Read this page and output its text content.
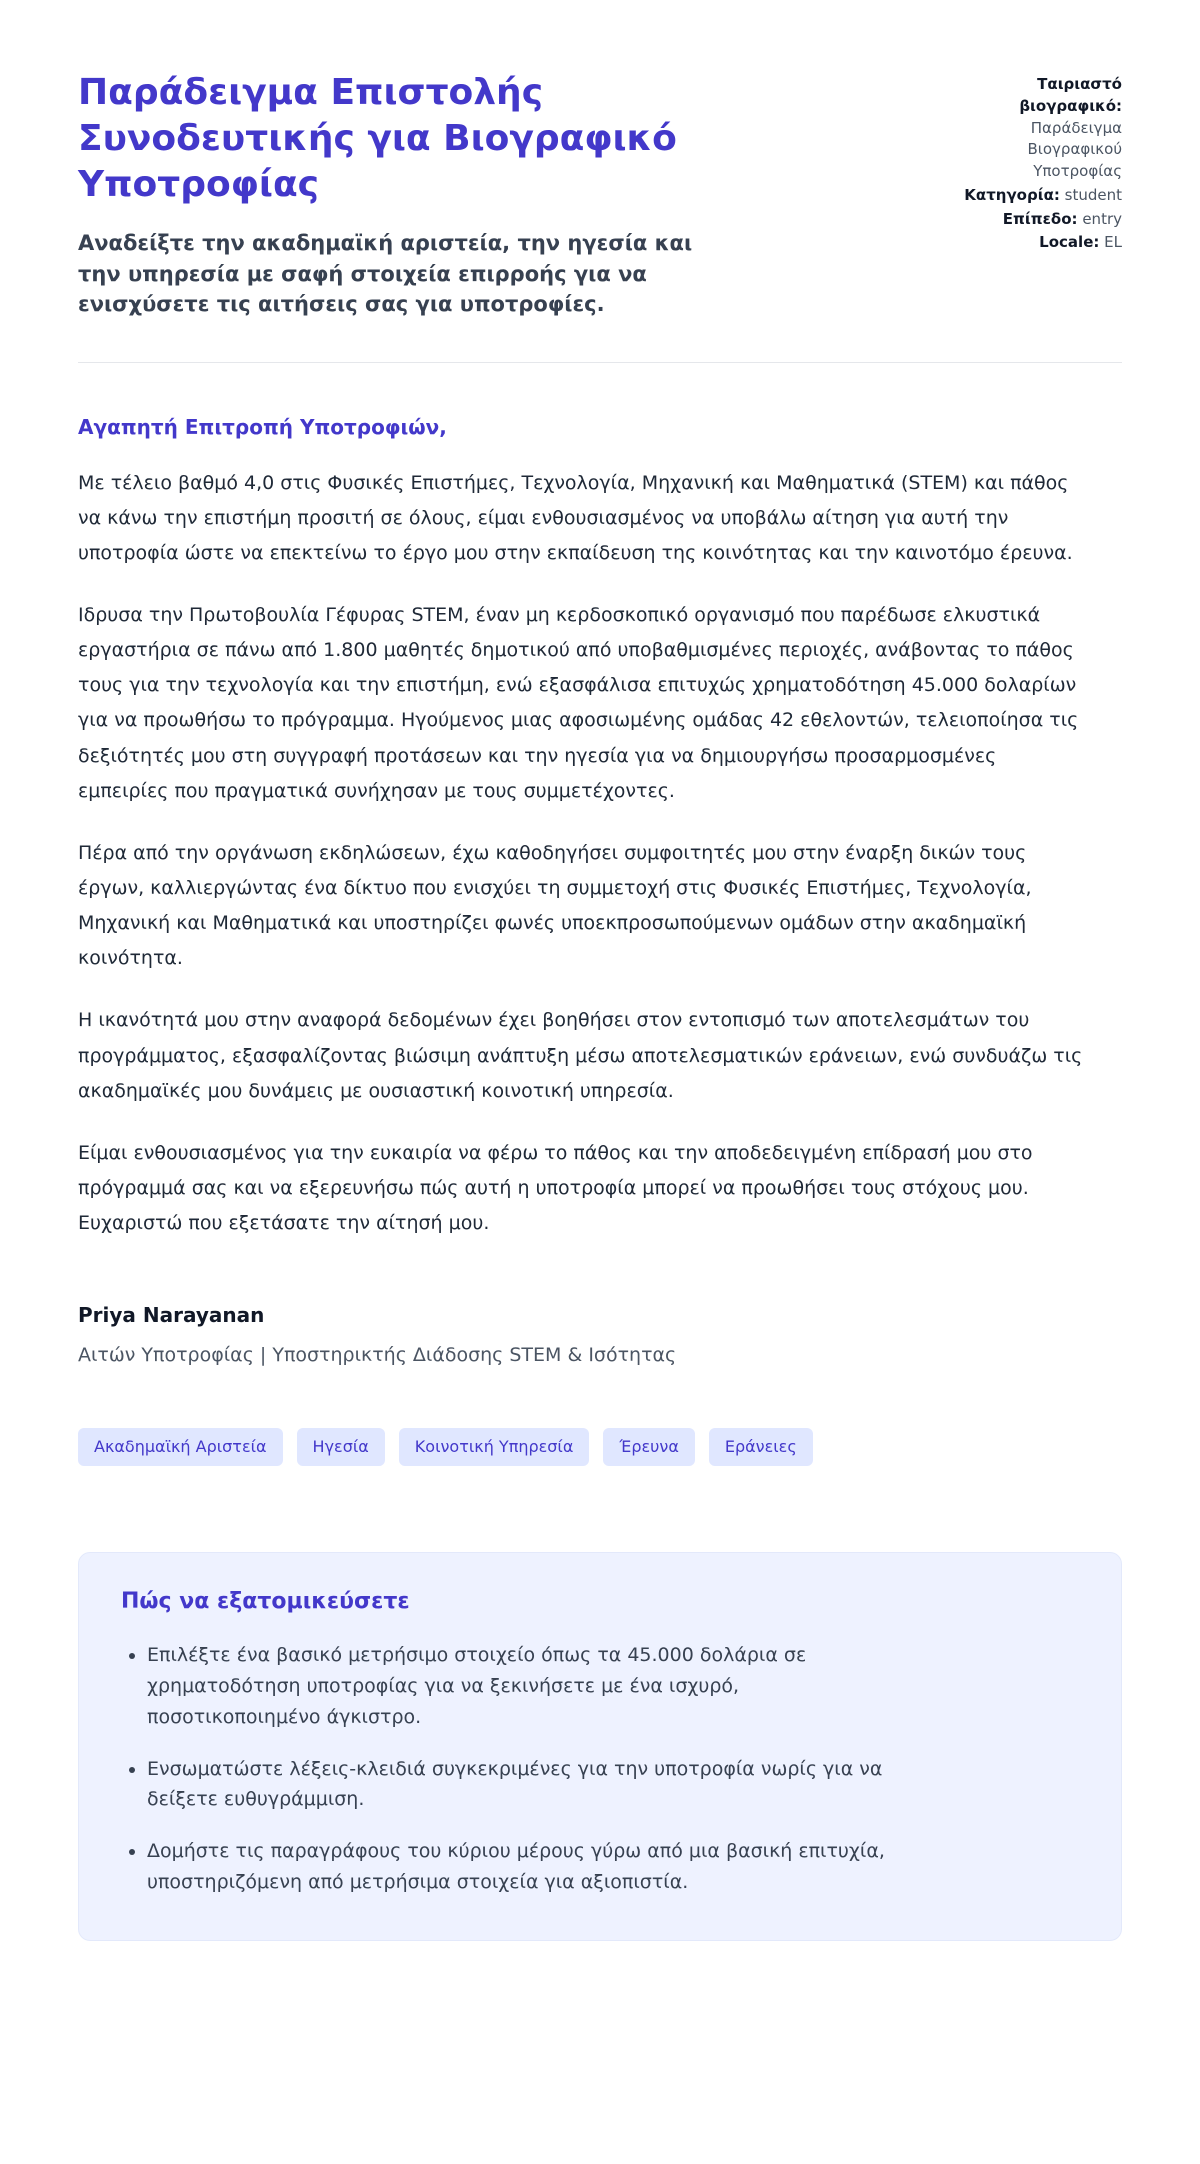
Παράδειγμα Επιστολής Συνοδευτικής για Βιογραφικό Υποτροφίας

Αναδείξτε την ακαδημαϊκή αριστεία, την ηγεσία και την υπηρεσία με σαφή στοιχεία επιρροής για να ενισχύσετε τις αιτήσεις σας για υποτροφίες.

Ταιριαστό βιογραφικό: Παράδειγμα Βιογραφικού Υποτροφίας
Κατηγορία: student
Επίπεδο: entry
Locale: EL

Αγαπητή Επιτροπή Υποτροφιών,

Με τέλειο βαθμό 4,0 στις Φυσικές Επιστήμες, Τεχνολογία, Μηχανική και Μαθηματικά (STEM) και πάθος να κάνω την επιστήμη προσιτή σε όλους, είμαι ενθουσιασμένος να υποβάλω αίτηση για αυτή την υποτροφία ώστε να επεκτείνω το έργο μου στην εκπαίδευση της κοινότητας και την καινοτόμο έρευνα.

Ιδρυσα την Πρωτοβουλία Γέφυρας STEM, έναν μη κερδοσκοπικό οργανισμό που παρέδωσε ελκυστικά εργαστήρια σε πάνω από 1.800 μαθητές δημοτικού από υποβαθμισμένες περιοχές, ανάβοντας το πάθος τους για την τεχνολογία και την επιστήμη, ενώ εξασφάλισα επιτυχώς χρηματοδότηση 45.000 δολαρίων για να προωθήσω το πρόγραμμα. Ηγούμενος μιας αφοσιωμένης ομάδας 42 εθελοντών, τελειοποίησα τις δεξιότητές μου στη συγγραφή προτάσεων και την ηγεσία για να δημιουργήσω προσαρμοσμένες εμπειρίες που πραγματικά συνήχησαν με τους συμμετέχοντες.

Πέρα από την οργάνωση εκδηλώσεων, έχω καθοδηγήσει συμφοιτητές μου στην έναρξη δικών τους έργων, καλλιεργώντας ένα δίκτυο που ενισχύει τη συμμετοχή στις Φυσικές Επιστήμες, Τεχνολογία, Μηχανική και Μαθηματικά και υποστηρίζει φωνές υποεκπροσωπούμενων ομάδων στην ακαδημαϊκή κοινότητα.

Η ικανότητά μου στην αναφορά δεδομένων έχει βοηθήσει στον εντοπισμό των αποτελεσμάτων του προγράμματος, εξασφαλίζοντας βιώσιμη ανάπτυξη μέσω αποτελεσματικών εράνειων, ενώ συνδυάζω τις ακαδημαϊκές μου δυνάμεις με ουσιαστική κοινοτική υπηρεσία.

Είμαι ενθουσιασμένος για την ευκαιρία να φέρω το πάθος και την αποδεδειγμένη επίδρασή μου στο πρόγραμμά σας και να εξερευνήσω πώς αυτή η υποτροφία μπορεί να προωθήσει τους στόχους μου. Ευχαριστώ που εξετάσατε την αίτησή μου.

Priya Narayanan

Αιτών Υποτροφίας | Υποστηρικτής Διάδοσης STEM & Ισότητας

Ακαδημαϊκή Αριστεία	Ηγεσία	Κοινοτική Υπηρεσία	Έρευνα	Εράνειες
Πώς να εξατομικεύσετε
• Επιλέξτε ένα βασικό μετρήσιμο στοιχείο όπως τα 45.000 δολάρια σε χρηματοδότηση υποτροφίας για να ξεκινήσετε με ένα ισχυρό, ποσοτικοποιημένο άγκιστρο.
• Ενσωματώστε λέξεις-κλειδιά συγκεκριμένες για την υποτροφία νωρίς για να δείξετε ευθυγράμμιση.
• Δομήστε τις παραγράφους του κύριου μέρους γύρω από μια βασική επιτυχία, υποστηριζόμενη από μετρήσιμα στοιχεία για αξιοπιστία.
